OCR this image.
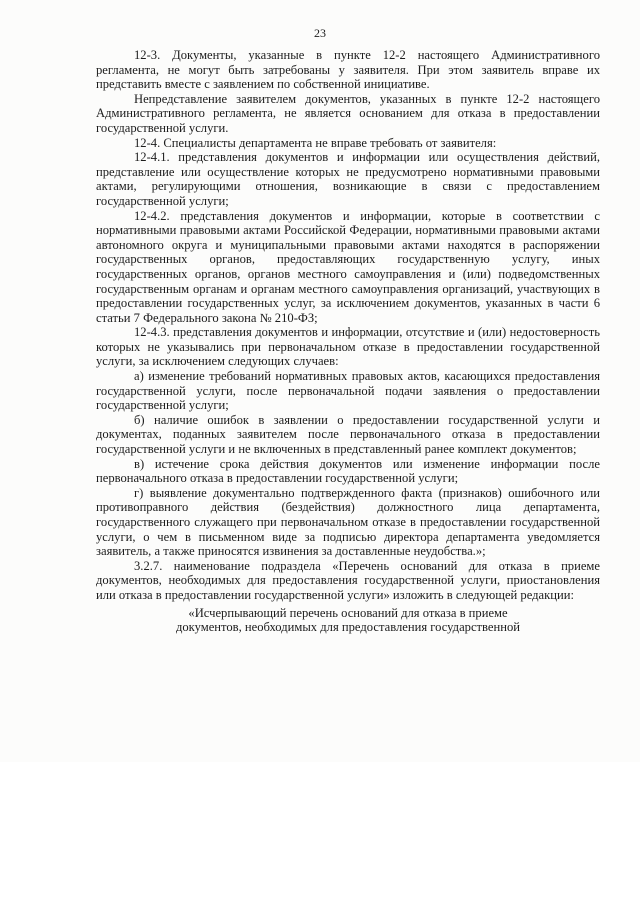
23

12-3. Документы, указанные в пункте 12-2 настоящего Административного регламента, не могут быть затребованы у заявителя. При этом заявитель вправе их представить вместе с заявлением по собственной инициативе.

Непредставление заявителем документов, указанных в пункте 12-2 настоящего Административного регламента, не является основанием для отказа в предоставлении государственной услуги.

12-4. Специалисты департамента не вправе требовать от заявителя:

12-4.1. представления документов и информации или осуществления действий, представление или осуществление которых не предусмотрено нормативными правовыми актами, регулирующими отношения, возникающие в связи с предоставлением государственной услуги;

12-4.2. представления документов и информации, которые в соответствии с нормативными правовыми актами Российской Федерации, нормативными правовыми актами автономного округа и муниципальными правовыми актами находятся в распоряжении государственных органов, предоставляющих государственную услугу, иных государственных органов, органов местного самоуправления и (или) подведомственных государственным органам и органам местного самоуправления организаций, участвующих в предоставлении государственных услуг, за исключением документов, указанных в части 6 статьи 7 Федерального закона № 210-ФЗ;

12-4.3. представления документов и информации, отсутствие и (или) недостоверность которых не указывались при первоначальном отказе в предоставлении государственной услуги, за исключением следующих случаев:

а) изменение требований нормативных правовых актов, касающихся предоставления государственной услуги, после первоначальной подачи заявления о предоставлении государственной услуги;

б) наличие ошибок в заявлении о предоставлении государственной услуги и документах, поданных заявителем после первоначального отказа в предоставлении государственной услуги и не включенных в представленный ранее комплект документов;

в) истечение срока действия документов или изменение информации после первоначального отказа в предоставлении государственной услуги;

г) выявление документально подтвержденного факта (признаков) ошибочного или противоправного действия (бездействия) должностного лица департамента, государственного служащего при первоначальном отказе в предоставлении государственной услуги, о чем в письменном виде за подписью директора департамента уведомляется заявитель, а также приносятся извинения за доставленные неудобства.»;

3.2.7. наименование подраздела «Перечень оснований для отказа в приеме документов, необходимых для предоставления государственной услуги, приостановления или отказа в предоставлении государственной услуги» изложить в следующей редакции:

«Исчерпывающий перечень оснований для отказа в приеме
документов, необходимых для предоставления государственной
